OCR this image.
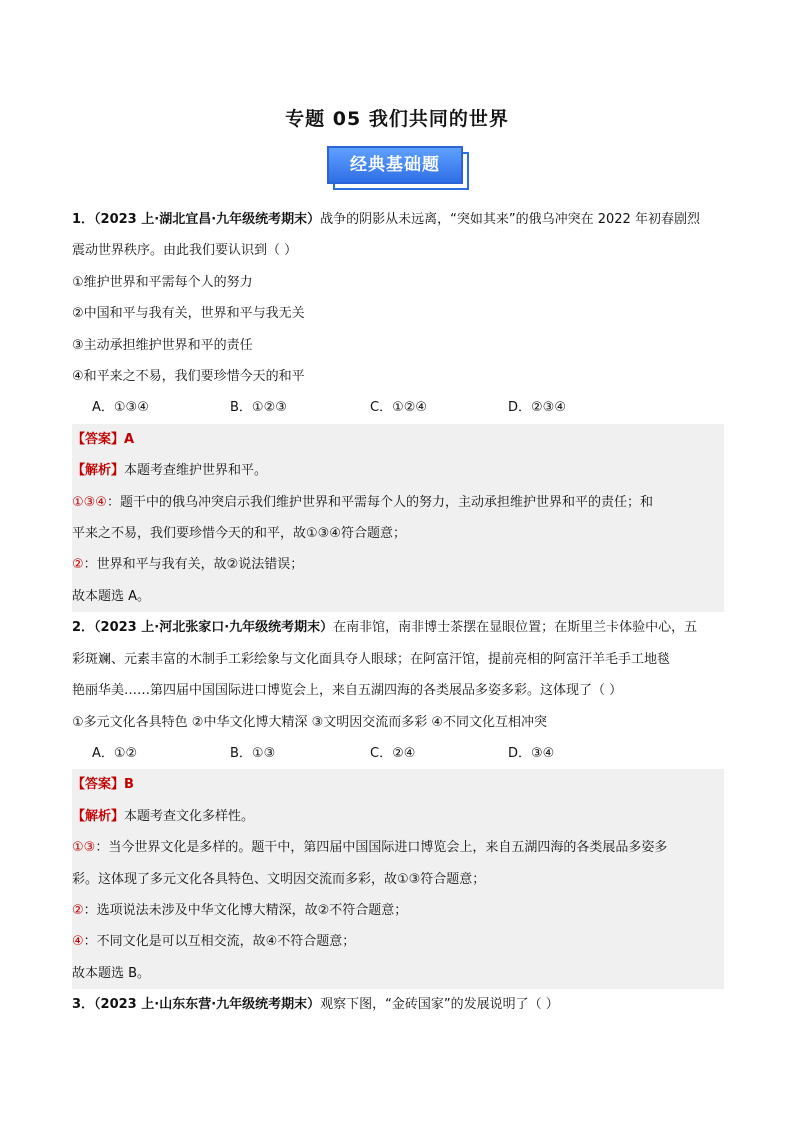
专题 05 我们共同的世界
经典基础题
1．（2023 上·湖北宜昌·九年级统考期末）战争的阴影从未远离，“突如其来”的俄乌冲突在 2022 年初春剧烈
震动世界秩序。由此我们要认识到（ ）
①维护世界和平需每个人的努力
②中国和平与我有关，世界和平与我无关
③主动承担维护世界和平的责任
④和平来之不易，我们要珍惜今天的和平
A．①③④	B．①②③	C．①②④	D．②③④
【答案】A
【解析】本题考查维护世界和平。
①③④：题干中的俄乌冲突启示我们维护世界和平需每个人的努力，主动承担维护世界和平的责任；和
平来之不易，我们要珍惜今天的和平，故①③④符合题意；
②：世界和平与我有关，故②说法错误；
故本题选 A。
2．（2023 上·河北张家口·九年级统考期末）在南非馆，南非博士茶摆在显眼位置；在斯里兰卡体验中心，五
彩斑斓、元素丰富的木制手工彩绘象与文化面具夺人眼球；在阿富汗馆，提前亮相的阿富汗羊毛手工地毯
艳丽华美……第四届中国国际进口博览会上，来自五湖四海的各类展品多姿多彩。这体现了（ ）
①多元文化各具特色 ②中华文化博大精深 ③文明因交流而多彩 ④不同文化互相冲突
A．①②	B．①③	C．②④	D．③④
【答案】B
【解析】本题考查文化多样性。
①③：当今世界文化是多样的。题干中，第四届中国国际进口博览会上，来自五湖四海的各类展品多姿多
彩。这体现了多元文化各具特色、文明因交流而多彩，故①③符合题意；
②：选项说法未涉及中华文化博大精深，故②不符合题意；
④：不同文化是可以互相交流，故④不符合题意；
故本题选 B。
3．（2023 上·山东东营·九年级统考期末）观察下图，“金砖国家”的发展说明了（ ）
